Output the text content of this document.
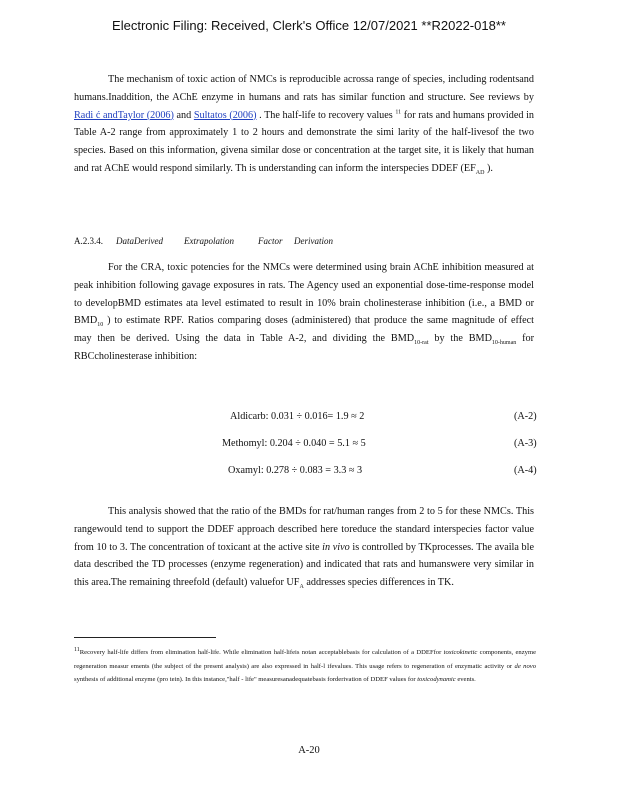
Electronic Filing: Received, Clerk's Office 12/07/2021 **R2022-018**
The mechanism of toxic action of NMCs is reproducible acrossa range of species, including rodentsand humans.Inaddition, the AChE enzyme in humans and rats has similar function and structure. See reviews by Radi ć andTaylor (2006) and Sultatos (2006) . The half-life to recovery values $^{11}$ for rats and humans provided in Table A-2 range from approximately 1 to 2 hours and demonstrate the simi larity of the half-livesof the two species. Based on this information, givena similar dose or concentration at the target site, it is likely that human and rat AChE would respond similarly. Th is understanding can inform the interspecies DDEF ($EF_{AD}$ ).
A.2.3.4. DataDerived Extrapolation	Factor Derivation
For the CRA, toxic potencies for the NMCs were determined using brain AChE inhibition measured at peak inhibition following gavage exposures in rats. The Agency used an exponential dose-time-response model to developBMD estimates ata level estimated to result in 10% brain cholinesterase inhibition (i.e., a BMD or $BMD_{10}$ ) to estimate RPF. Ratios comparing doses (administered) that produce the same magnitude of effect may then be derived. Using the data in Table A-2, and dividing the $BMD_{10-rat}$ by the $BMD_{10-human}$ for RBCcholinesterase inhibition:
Aldicarb: 0.031 ÷ 0.016= 1.9 ≈ 2	(A-2)
Methomyl: 0.204 ÷ 0.040 = 5.1 ≈ 5	(A-3)
Oxamyl: 0.278 ÷ 0.083 = 3.3 ≈ 3	(A-4)
This analysis showed that the ratio of the BMDs for rat/human ranges from 2 to 5 for these NMCs. This rangewould tend to support the DDEF approach described here toreduce the standard interspecies factor value from 10 to 3. The concentration of toxicant at the active site in vivo is controlled by TKprocesses. The availa ble data described the TD processes (enzyme regeneration) and indicated that rats and humanswere very similar in this area.The remaining threefold (default) valuefor $UF_A$ addresses species differences in TK.
$^{11}$Recovery half-life differs from elimination half-life. While elimination half-lifeis notan acceptablebasis for calculation of a DDEFfor toxicokinetic components, enzyme regeneration measur ements (the subject of the present analysis) are also expressed in half-l ifevalues. This usage refers to regeneration of enzymatic activity or de novo synthesis of additional enzyme (pro tein). In this instance,"half - life" measuresanadequatebasis forderivation of DDEF values for toxicodynamic events.
A-20
